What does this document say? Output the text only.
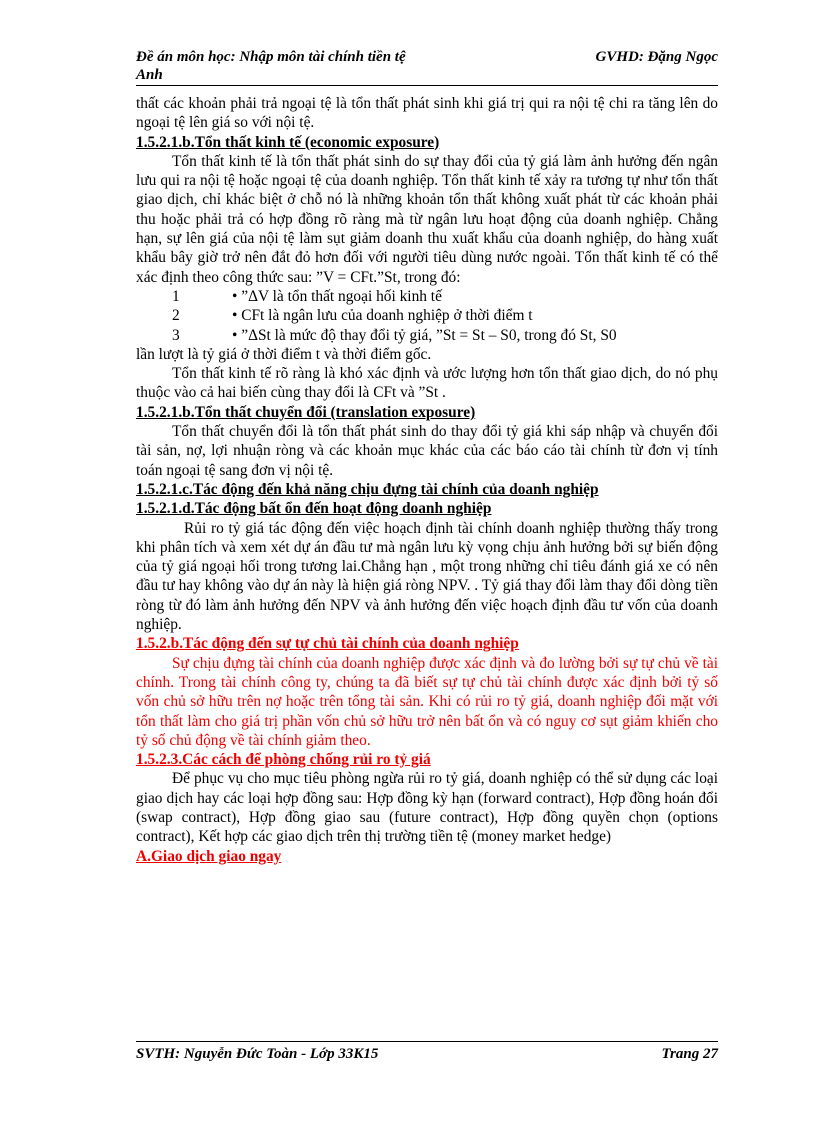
Đề án môn học: Nhập môn tài chính tiền tệ
Anh
GVHD: Đặng Ngọc

thất các khoản phải trả ngoại tệ là tổn thất phát sinh khi giá trị qui ra nội tệ chi ra tăng lên do ngoại tệ lên giá so với nội tệ.

1.5.2.1.b.Tổn thất kinh tế (economic exposure)

Tổn thất kinh tế là tổn thất phát sinh do sự thay đổi của tỷ giá làm ảnh hưởng đến ngân lưu qui ra nội tệ hoặc ngoại tệ của doanh nghiệp. Tổn thất kinh tế xảy ra tương tự như tổn thất giao dịch, chỉ khác biệt ở chỗ nó là những khoản tổn thất không xuất phát từ các khoản phải thu hoặc phải trả có hợp đồng rõ ràng mà từ ngân lưu hoạt động của doanh nghiệp. Chẳng hạn, sự lên giá của nội tệ làm sụt giảm doanh thu xuất khẩu của doanh nghiệp, do hàng xuất khẩu bây giờ trở nên đắt đỏ hơn đối với người tiêu dùng nước ngoài. Tổn thất kinh tế có thể xác định theo công thức sau: ”V = CFt.”St, trong đó:

1	• ”ΔV là tổn thất ngoại hối kinh tế
2	• CFt là ngân lưu của doanh nghiệp ở thời điểm t
3	• ”ΔSt là mức độ thay đổi tỷ giá, ”St = St – S0, trong đó St, S0

lần lượt là tỷ giá ở thời điểm t và thời điểm gốc.

Tổn thất kinh tế rõ ràng là khó xác định và ước lượng hơn tổn thất giao dịch, do nó phụ thuộc vào cả hai biến cùng thay đổi là CFt và ”St .

1.5.2.1.b.Tổn thất chuyển đổi (translation exposure)

Tổn thất chuyển đổi là tổn thất phát sinh do thay đổi tỷ giá khi sáp nhập và chuyển đổi tài sản, nợ, lợi nhuận ròng và các khoản mục khác của các báo cáo tài chính từ đơn vị tính toán ngoại tệ sang đơn vị nội tệ.

1.5.2.1.c.Tác động đến khả năng chịu đựng tài chính của doanh nghiệp

1.5.2.1.d.Tác động bất ổn đến hoạt động doanh nghiệp

Rủi ro tỷ giá tác động đến việc hoạch định tài chính doanh nghiệp thường thấy trong khi phân tích và xem xét dự án đầu tư mà ngân lưu kỳ vọng chịu ảnh hưởng bởi sự biến động của tỷ giá ngoại hối trong tương lai.Chẳng hạn , một trong những chỉ tiêu đánh giá xe có nên đầu tư hay không vào dự án này là hiện giá ròng NPV. . Tỷ giá thay đổi làm thay đổi dòng tiền ròng từ đó làm ảnh hưởng đến NPV và ảnh hưởng đến việc hoạch định đầu tư vốn của doanh nghiệp.

1.5.2.b.Tác động đến sự tự chủ tài chính của doanh nghiệp

Sự chịu đựng tài chính của doanh nghiệp được xác định và đo lường bởi sự tự chủ về tài chính. Trong tài chính công ty, chúng ta đã biết sự tự chủ tài chính được xác định bởi tỷ số vốn chủ sở hữu trên nợ hoặc trên tổng tài sản. Khi có rủi ro tỷ giá, doanh nghiệp đối mặt với tổn thất làm cho giá trị phần vốn chủ sở hữu trở nên bất ổn và có nguy cơ sụt giảm khiến cho tỷ số chủ động về tài chính giảm theo.

1.5.2.3.Các cách để phòng chống rủi ro tỷ giá

Để phục vụ cho mục tiêu phòng ngừa rủi ro tỷ giá, doanh nghiệp có thể sử dụng các loại giao dịch hay các loại hợp đồng sau: Hợp đồng kỳ hạn (forward contract), Hợp đồng hoán đổi (swap contract), Hợp đồng giao sau (future contract), Hợp đồng quyền chọn (options contract), Kết hợp các giao dịch trên thị trường tiền tệ (money market hedge)

A.Giao dịch giao ngay

SVTH: Nguyễn Đức Toàn - Lớp 33K15	Trang 27
